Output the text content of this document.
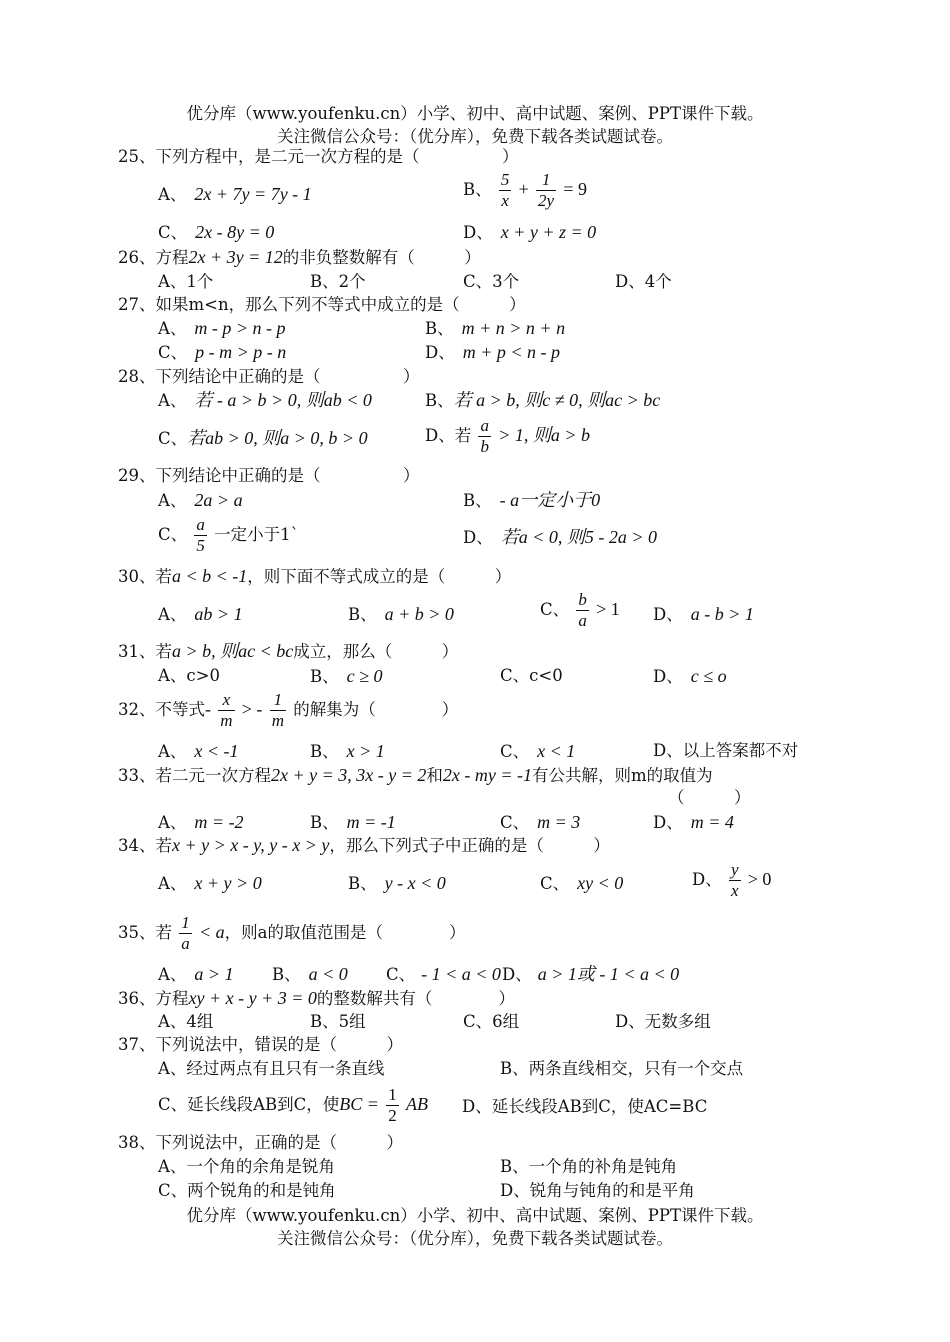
优分库（www.youfenku.cn）小学、初中、高中试题、案例、PPT课件下载。
关注微信公众号：（优分库），免费下载各类试题试卷。
25、下列方程中，是二元一次方程的是（　　　　　）
A、 2x + 7y = 7y - 1	B、 $\frac{5}{x} + \frac{1}{2y} = 9$
C、 2x - 8y = 0	D、 x + y + z = 0
26、方程2x + 3y = 12的非负整数解有（　　　）
A、1个	B、2个	C、3个	D、4个
27、如果m<n，那么下列不等式中成立的是（　　　）
A、 m - p > n - p	B、 m + n > n + n
C、 p - m > p - n	D、 m + p < n - p
28、下列结论中正确的是（　　　　　）
A、 若 - a > b > 0, 则ab < 0	B、若 a > b, 则c ≠ 0, 则ac > bc
C、若ab > 0, 则a > 0, b > 0	D、若 $\frac{a}{b} > 1$, 则a > b
29、下列结论中正确的是（　　　　　）
A、 2a > a	B、 - a一定小于0
C、 $\frac{a}{5}$ 一定小于1`	D、 若a < 0, 则5 - 2a > 0
30、若a < b < -1，则下面不等式成立的是（　　　）
A、 ab > 1	B、 a + b > 0	C、 $\frac{b}{a} > 1$ D、 a - b > 1
31、若a > b, 则ac < bc成立，那么（　　　）
A、c>0	B、 c ≥ 0	C、c<0	D、 c ≤ o
32、不等式- $\frac{x}{m}$ > - $\frac{1}{m}$ 的解集为（　　　　）
A、 x < -1	B、 x > 1	C、 x < 1	D、以上答案都不对
33、若二元一次方程2x + y = 3, 3x - y = 2和2x - my = -1有公共解，则m的取值为
（　　　）
A、 m = -2	B、 m = -1	C、 m = 3	D、 m = 4
34、若x + y > x - y, y - x > y，那么下列式子中正确的是（　　　）
A、 x + y > 0	B、 y - x < 0	C、 xy < 0	D、 $\frac{y}{x} > 0$
35、若 $\frac{1}{a} < a$，则a的取值范围是（　　　　）
A、 a > 1 B、 a < 0 C、 - 1 < a < 0 D、 a > 1或 - 1 < a < 0
36、方程xy + x - y + 3 = 0的整数解共有（　　　　）
A、4组	B、5组	C、6组	D、无数多组
37、下列说法中，错误的是（　　　）
A、经过两点有且只有一条直线	B、两条直线相交，只有一个交点
C、延长线段AB到C，使BC = $\frac{1}{2}$ AB D、延长线段AB到C，使AC=BC
38、下列说法中，正确的是（　　　）
A、一个角的余角是锐角	B、一个角的补角是钝角
C、两个锐角的和是钝角	D、锐角与钝角的和是平角
优分库（www.youfenku.cn）小学、初中、高中试题、案例、PPT课件下载。
关注微信公众号：（优分库），免费下载各类试题试卷。
